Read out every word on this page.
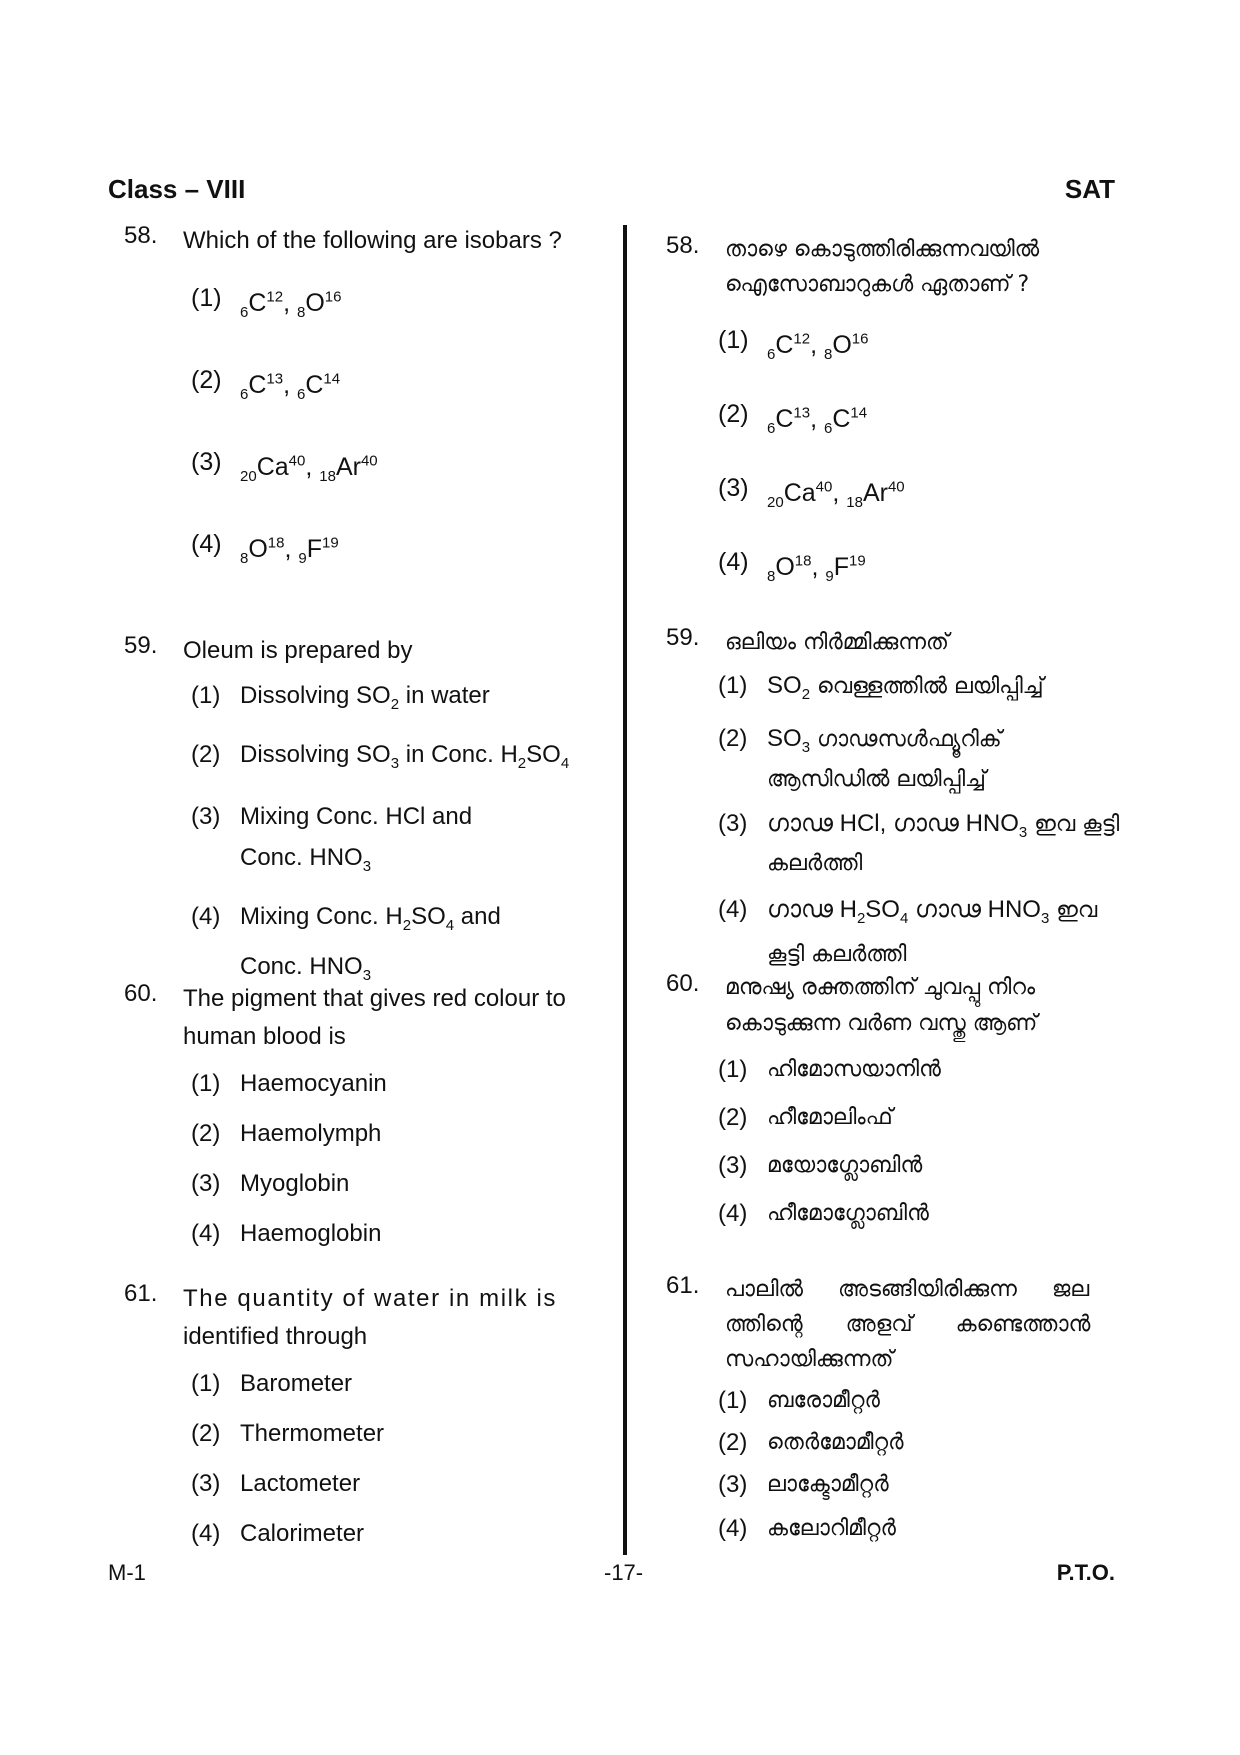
Class – VIII	SAT
58. Which of the following are isobars ?
(1)
$_6C^{12}$, $_8O^{16}$
(2)
$_6C^{13}$, $_6C^{14}$
(3)
$_{20}Ca^{40}$, $_{18}Ar^{40}$
(4)
$_8O^{18}$, $_9F^{19}$
59. Oleum is prepared by
(1) Dissolving $SO_2$ in water
(2) Dissolving $SO_3$ in Conc. $H_2SO_4$
(3) Mixing Conc. HCl and
Conc. $HNO_3$
(4) Mixing Conc. $H_2SO_4$ and
Conc. $HNO_3$
60. The pigment that gives red colour to
human blood is
(1) Haemocyanin
(2) Haemolymph
(3) Myoglobin
(4) Haemoglobin
61. The quantity of water in milk is
identified through
(1) Barometer
(2) Thermometer
(3) Lactometer
(4) Calorimeter
58. താഴെ കൊടുത്തിരിക്കുന്നവയിൽ
ഐസോബാറുകൾ ഏതാണ് ?
(1)
$_6C^{12}$, $_8O^{16}$
(2)
$_6C^{13}$, $_6C^{14}$
(3)
$_{20}Ca^{40}$, $_{18}Ar^{40}$
(4)
$_8O^{18}$, $_9F^{19}$
59. ഒലിയം നിർമ്മിക്കുന്നത്
(1) $SO_2$ വെള്ളത്തിൽ ലയിപ്പിച്ച്
(2) $SO_3$ ഗാഢസൾഫ്യൂറിക്
ആസിഡിൽ ലയിപ്പിച്ച്
(3) ഗാഢ HCl, ഗാഢ $HNO_3$ ഇവ കൂട്ടി
കലർത്തി
(4) ഗാഢ $H_2SO_4$ ഗാഢ $HNO_3$ ഇവ
കൂട്ടി കലർത്തി
60. മനുഷ്യ രക്തത്തിന് ചുവപ്പു നിറം
കൊടുക്കുന്ന വർണ വസ്തു ആണ്
(1) ഹിമോസയാനിൻ
(2) ഹീമോലിംഫ്
(3) മയോഗ്ലോബിൻ
(4) ഹീമോഗ്ലോബിൻ
61. പാലിൽ അടങ്ങിയിരിക്കുന്ന ജല
ത്തിന്റെ അളവ് കണ്ടെത്താൻ
സഹായിക്കുന്നത്
(1) ബരോമീറ്റർ
(2) തെർമോമീറ്റർ
(3) ലാക്ടോമീറ്റർ
(4) കലോറിമീറ്റർ
M-1	-17-	P.T.O.
